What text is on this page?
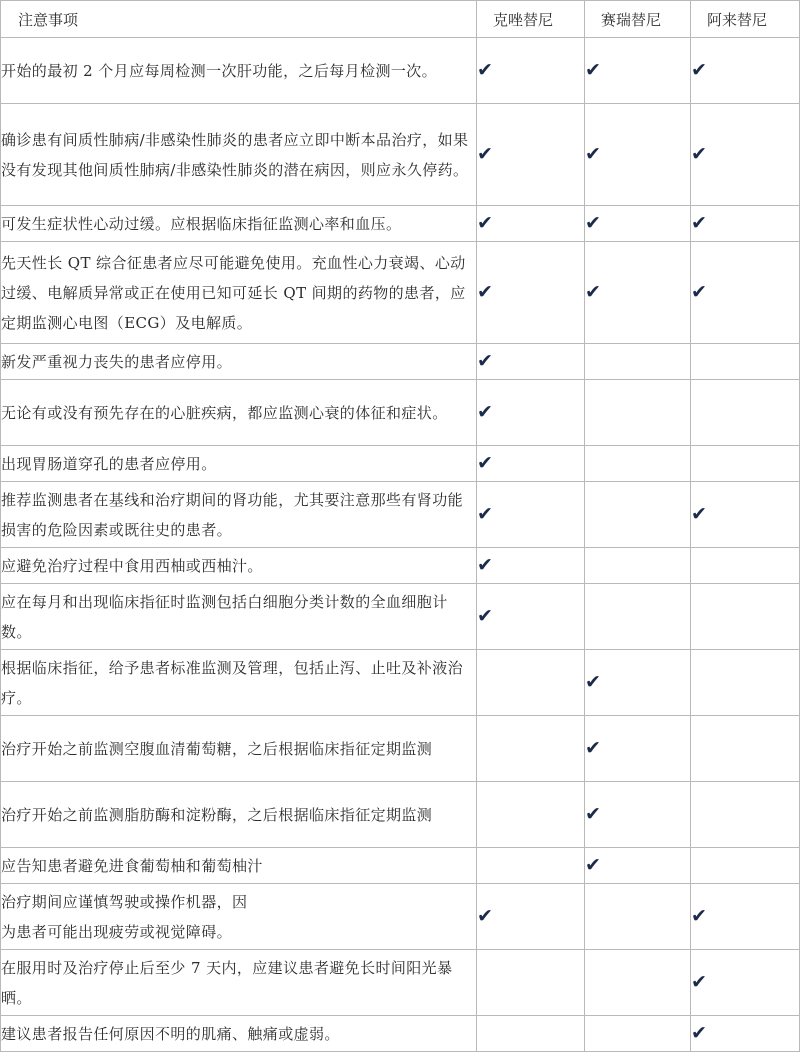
注意事项	克唑替尼	赛瑞替尼	阿来替尼
开始的最初 2 个月应每周检测一次肝功能，之后每月检测一次。	✔	✔	✔
确诊患有间质性肺病/非感染性肺炎的患者应立即中断本品治疗，如果没有发现其他间质性肺病/非感染性肺炎的潜在病因，则应永久停药。	✔	✔	✔
可发生症状性心动过缓。应根据临床指征监测心率和血压。	✔	✔	✔
先天性长 QT 综合征患者应尽可能避免使用。充血性心力衰竭、心动过缓、电解质异常或正在使用已知可延长 QT 间期的药物的患者，应定期监测心电图（ECG）及电解质。	✔	✔	✔
新发严重视力丧失的患者应停用。	✔		
无论有或没有预先存在的心脏疾病，都应监测心衰的体征和症状。	✔		
出现胃肠道穿孔的患者应停用。	✔		
推荐监测患者在基线和治疗期间的肾功能，尤其要注意那些有肾功能损害的危险因素或既往史的患者。	✔		✔
应避免治疗过程中食用西柚或西柚汁。	✔		
应在每月和出现临床指征时监测包括白细胞分类计数的全血细胞计数。	✔		
根据临床指征，给予患者标准监测及管理，包括止泻、止吐及补液治疗。		✔	
治疗开始之前监测空腹血清葡萄糖，之后根据临床指征定期监测		✔	
治疗开始之前监测脂肪酶和淀粉酶，之后根据临床指征定期监测		✔	
应告知患者避免进食葡萄柚和葡萄柚汁		✔	
治疗期间应谨慎驾驶或操作机器，因
为患者可能出现疲劳或视觉障碍。	✔		✔
在服用时及治疗停止后至少 7 天内，应建议患者避免长时间阳光暴晒。			✔
建议患者报告任何原因不明的肌痛、触痛或虚弱。			✔
